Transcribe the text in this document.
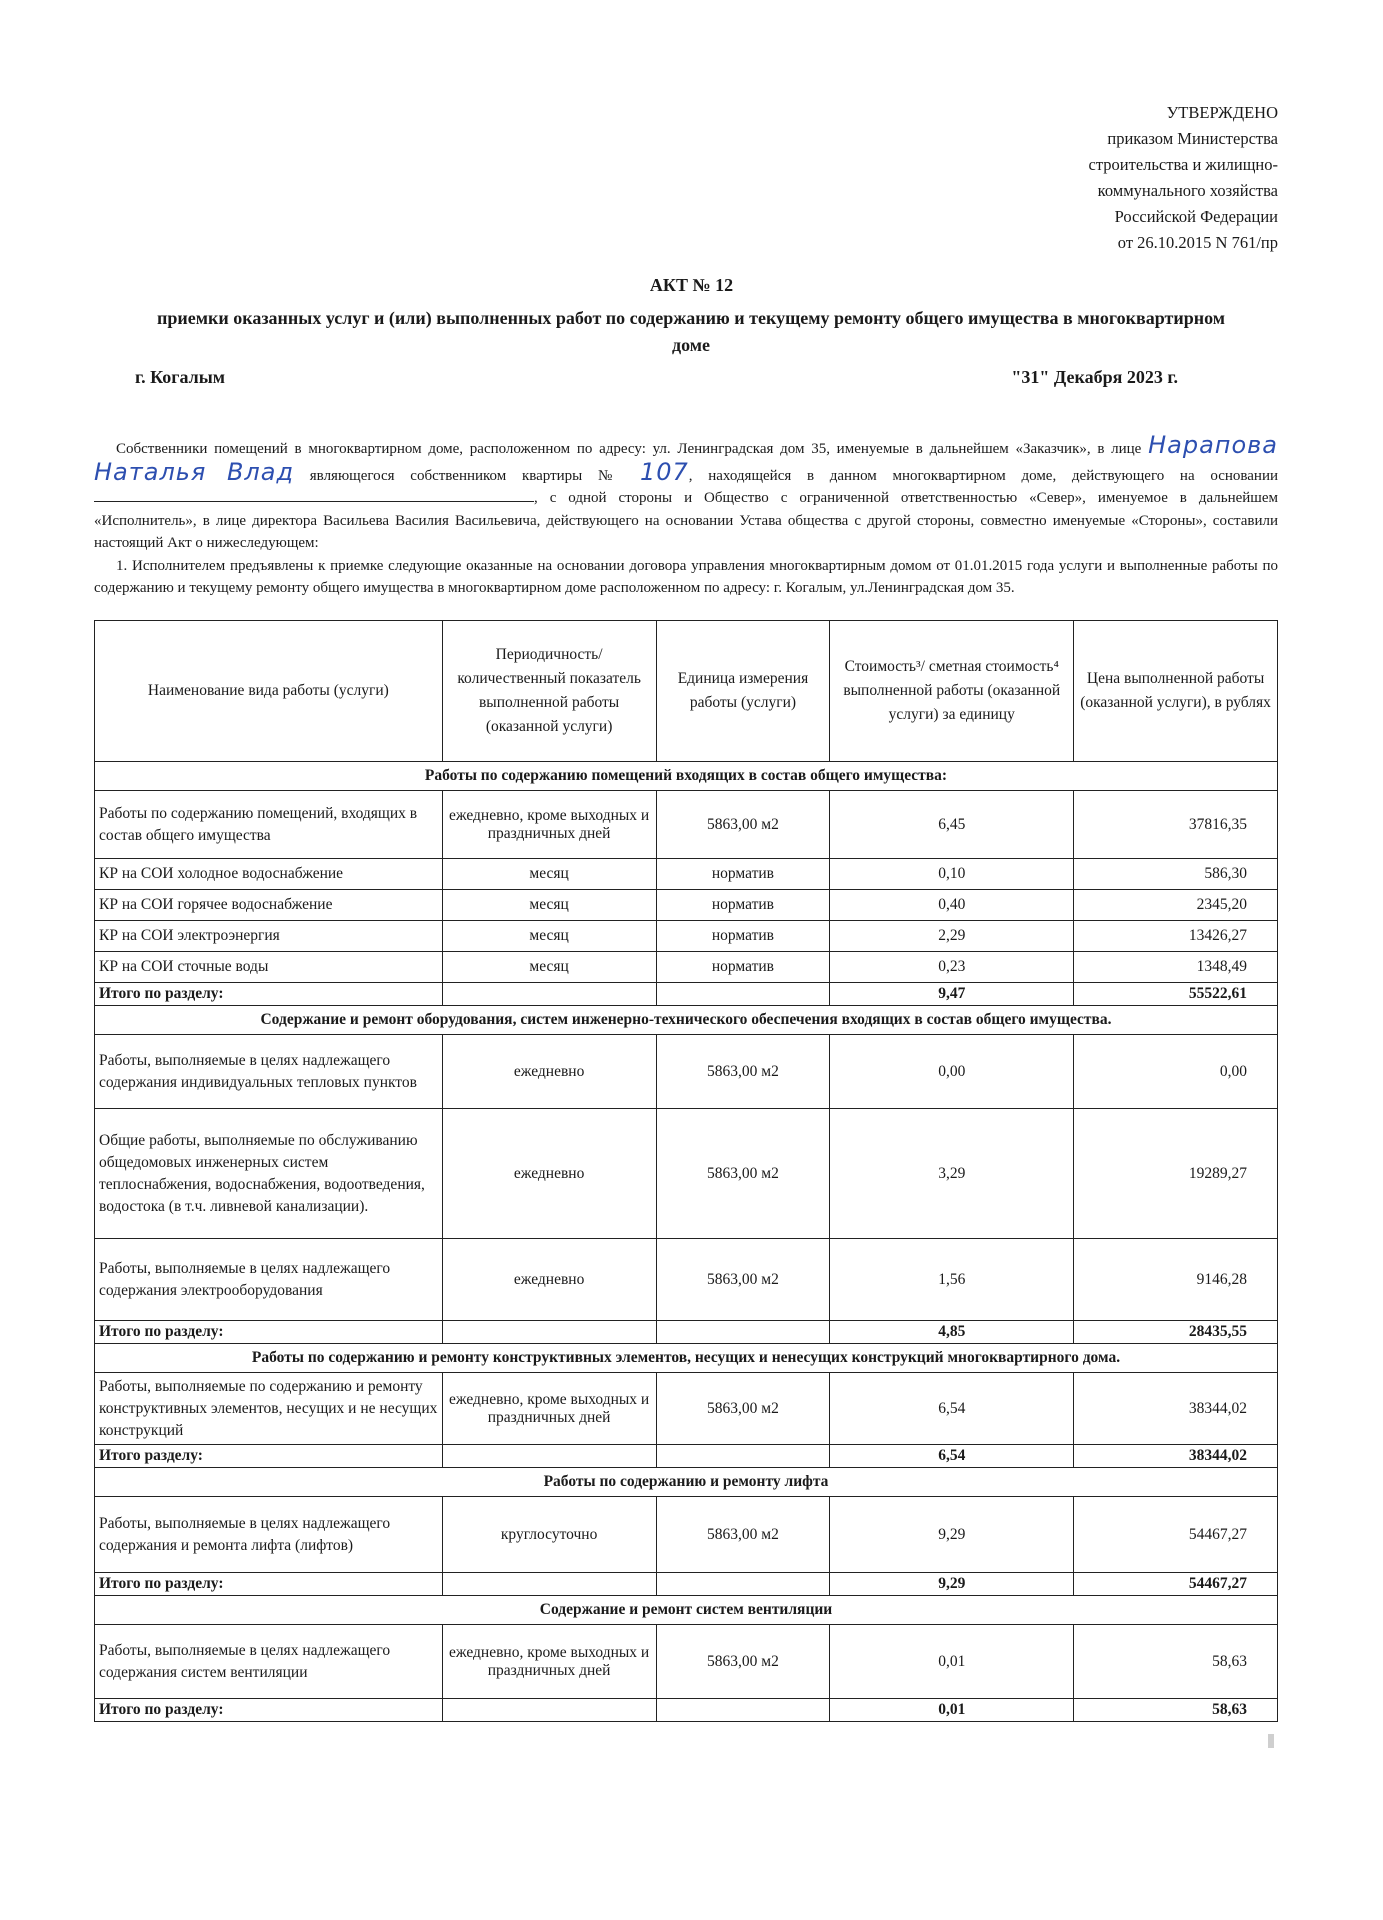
УТВЕРЖДЕНО
приказом Министерства
строительства и жилищно-
коммунального хозяйства
Российской Федерации
от 26.10.2015 N 761/пр
АКТ № 12
приемки оказанных услуг и (или) выполненных работ по содержанию и текущему ремонту общего имущества в многоквартирном доме
г. Когалым	"31" Декабря 2023 г.

Собственники помещений в многоквартирном доме, расположенном по адресу: ул. Ленинградская дом 35, именуемые в дальнейшем «Заказчик», в лице Нарапова Наталья Влад являющегося собственником квартиры № 107, находящейся в данном многоквартирном доме, действующего на основании , с одной стороны и Общество с ограниченной ответственностью «Север», именуемое в дальнейшем «Исполнитель», в лице директора Васильева Василия Васильевича, действующего на основании Устава общества с другой стороны, совместно именуемые «Стороны», составили настоящий Акт о нижеследующем:

1. Исполнителем предъявлены к приемке следующие оказанные на основании договора управления многоквартирным домом от 01.01.2015 года услуги и выполненные работы по содержанию и текущему ремонту общего имущества в многоквартирном доме расположенном по адресу: г. Когалым, ул.Ленинградская дом 35.

Наименование вида работы (услуги)	Периодичность/ количественный показатель выполненной работы (оказанной услуги)	Единица измерения работы (услуги)	Стоимость³/ сметная стоимость⁴ выполненной работы (оказанной услуги) за единицу	Цена выполненной работы (оказанной услуги), в рублях
Работы по содержанию помещений входящих в состав общего имущества:				
Работы по содержанию помещений, входящих в состав общего имущества	ежедневно, кроме выходных и праздничных дней	5863,00 м2	6,45	37816,35
КР на СОИ холодное водоснабжение	месяц	норматив	0,10	586,30
КР на СОИ горячее водоснабжение	месяц	норматив	0,40	2345,20
КР на СОИ электроэнергия	месяц	норматив	2,29	13426,27
КР на СОИ сточные воды	месяц	норматив	0,23	1348,49
Итого по разделу:			9,47	55522,61
Содержание и ремонт оборудования, систем инженерно-технического обеспечения входящих в состав общего имущества.				
Работы, выполняемые в целях надлежащего содержания индивидуальных тепловых пунктов	ежедневно	5863,00 м2	0,00	0,00
Общие работы, выполняемые по обслуживанию общедомовых инженерных систем теплоснабжения, водоснабжения, водоотведения, водостока (в т.ч. ливневой канализации).	ежедневно	5863,00 м2	3,29	19289,27
Работы, выполняемые в целях надлежащего содержания электрооборудования	ежедневно	5863,00 м2	1,56	9146,28
Итого по разделу:			4,85	28435,55
Работы по содержанию и ремонту конструктивных элементов, несущих и ненесущих конструкций многоквартирного дома.				
Работы, выполняемые по содержанию и ремонту конструктивных элементов, несущих и не несущих конструкций	ежедневно, кроме выходных и праздничных дней	5863,00 м2	6,54	38344,02
Итого разделу:			6,54	38344,02
Работы по содержанию и ремонту лифта				
Работы, выполняемые в целях надлежащего содержания и ремонта лифта (лифтов)	круглосуточно	5863,00 м2	9,29	54467,27
Итого по разделу:			9,29	54467,27
Содержание и ремонт систем вентиляции				
Работы, выполняемые в целях надлежащего содержания систем вентиляции	ежедневно, кроме выходных и праздничных дней	5863,00 м2	0,01	58,63
Итого по разделу:			0,01	58,63
